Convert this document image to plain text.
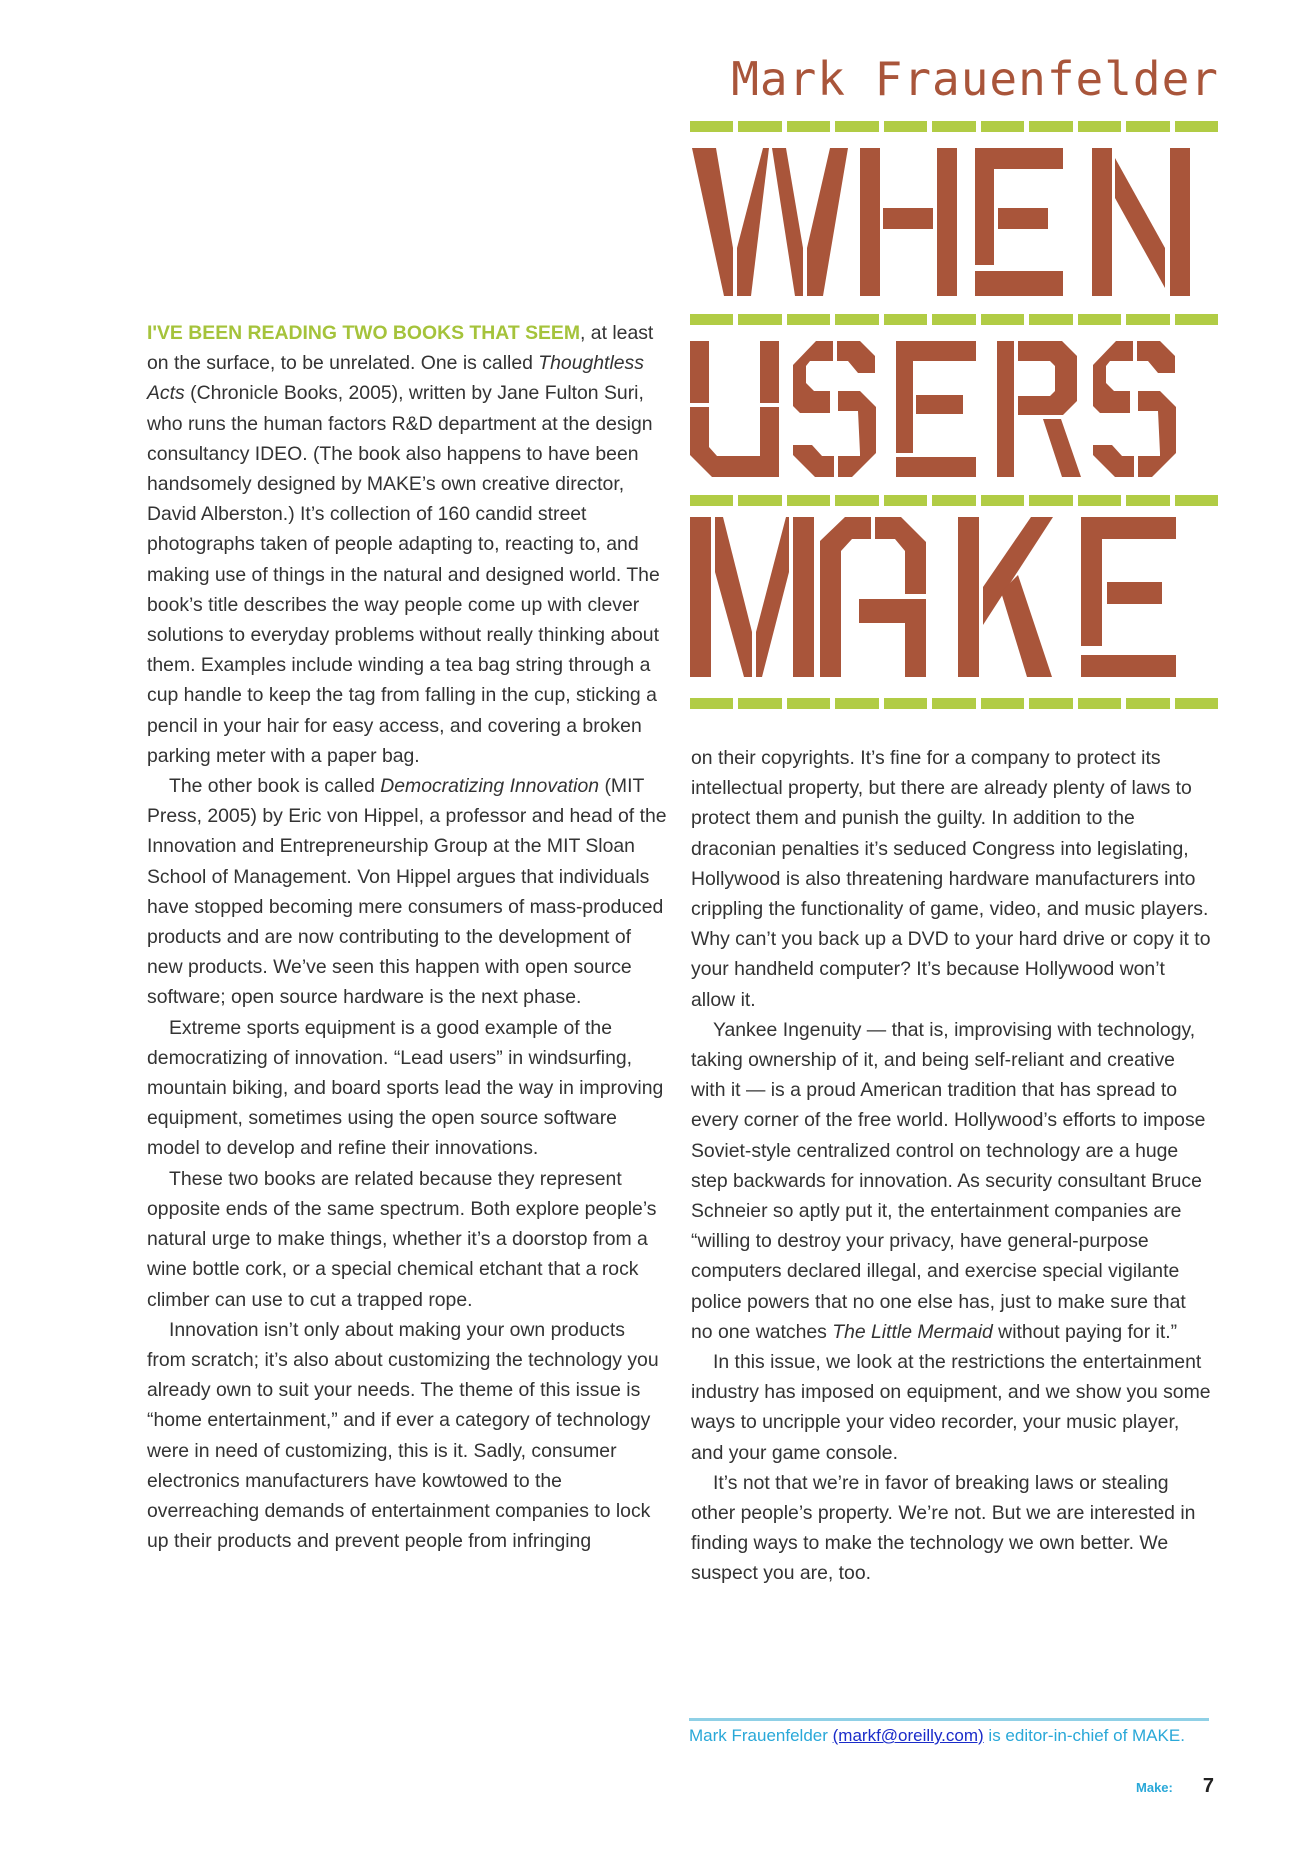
Mark Frauenfelder

I'VE BEEN READING TWO BOOKS THAT SEEM, at least on the surface, to be unrelated. One is called Thoughtless Acts (Chronicle Books, 2005), written by Jane Fulton Suri, who runs the human factors R&D department at the design consultancy IDEO. (The book also happens to have been handsomely designed by MAKE’s own creative director, David Alberston.) It’s collection of 160 candid street photographs taken of people adapting to, reacting to, and making use of things in the natural and designed world. The book’s title describes the way people come up with clever solutions to everyday problems without really thinking about them. Examples include winding a tea bag string through a cup handle to keep the tag from falling in the cup, sticking a pencil in your hair for easy access, and covering a broken parking meter with a paper bag.

The other book is called Democratizing Innovation (MIT Press, 2005) by Eric von Hippel, a professor and head of the Innovation and Entrepreneurship Group at the MIT Sloan School of Management. Von Hippel argues that individuals have stopped becoming mere consumers of mass-produced products and are now contributing to the development of new products. We’ve seen this happen with open source software; open source hardware is the next phase.

Extreme sports equipment is a good example of the democratizing of innovation. “Lead users” in windsurfing, mountain biking, and board sports lead the way in improving equipment, sometimes using the open source software model to develop and refine their innovations.

These two books are related because they represent opposite ends of the same spectrum. Both explore people’s natural urge to make things, whether it’s a doorstop from a wine bottle cork, or a special chemical etchant that a rock climber can use to cut a trapped rope.

Innovation isn’t only about making your own products from scratch; it’s also about customizing the technology you already own to suit your needs. The theme of this issue is “home entertainment,” and if ever a category of technology were in need of customizing, this is it. Sadly, consumer electronics manufacturers have kowtowed to the overreaching demands of entertainment companies to lock up their products and prevent people from infringing

on their copyrights. It’s fine for a company to protect its intellectual property, but there are already plenty of laws to protect them and punish the guilty. In addition to the draconian penalties it’s seduced Congress into legislating, Hollywood is also threatening hardware manufacturers into crippling the functionality of game, video, and music players. Why can’t you back up a DVD to your hard drive or copy it to your handheld computer? It’s because Hollywood won’t allow it.

Yankee Ingenuity — that is, improvising with technology, taking ownership of it, and being self-reliant and creative with it — is a proud American tradition that has spread to every corner of the free world. Hollywood’s efforts to impose Soviet-style centralized control on technology are a huge step backwards for innovation. As security consultant Bruce Schneier so aptly put it, the entertainment companies are “willing to destroy your privacy, have general-purpose computers declared illegal, and exercise special vigilante police powers that no one else has, just to make sure that no one watches The Little Mermaid without paying for it.”

In this issue, we look at the restrictions the entertainment industry has imposed on equipment, and we show you some ways to uncripple your video recorder, your music player, and your game console.

It’s not that we’re in favor of breaking laws or stealing other people’s property. We’re not. But we are interested in finding ways to make the technology we own better. We suspect you are, too.

Mark Frauenfelder (markf@oreilly.com) is editor-in-chief of MAKE.
Make: 7
